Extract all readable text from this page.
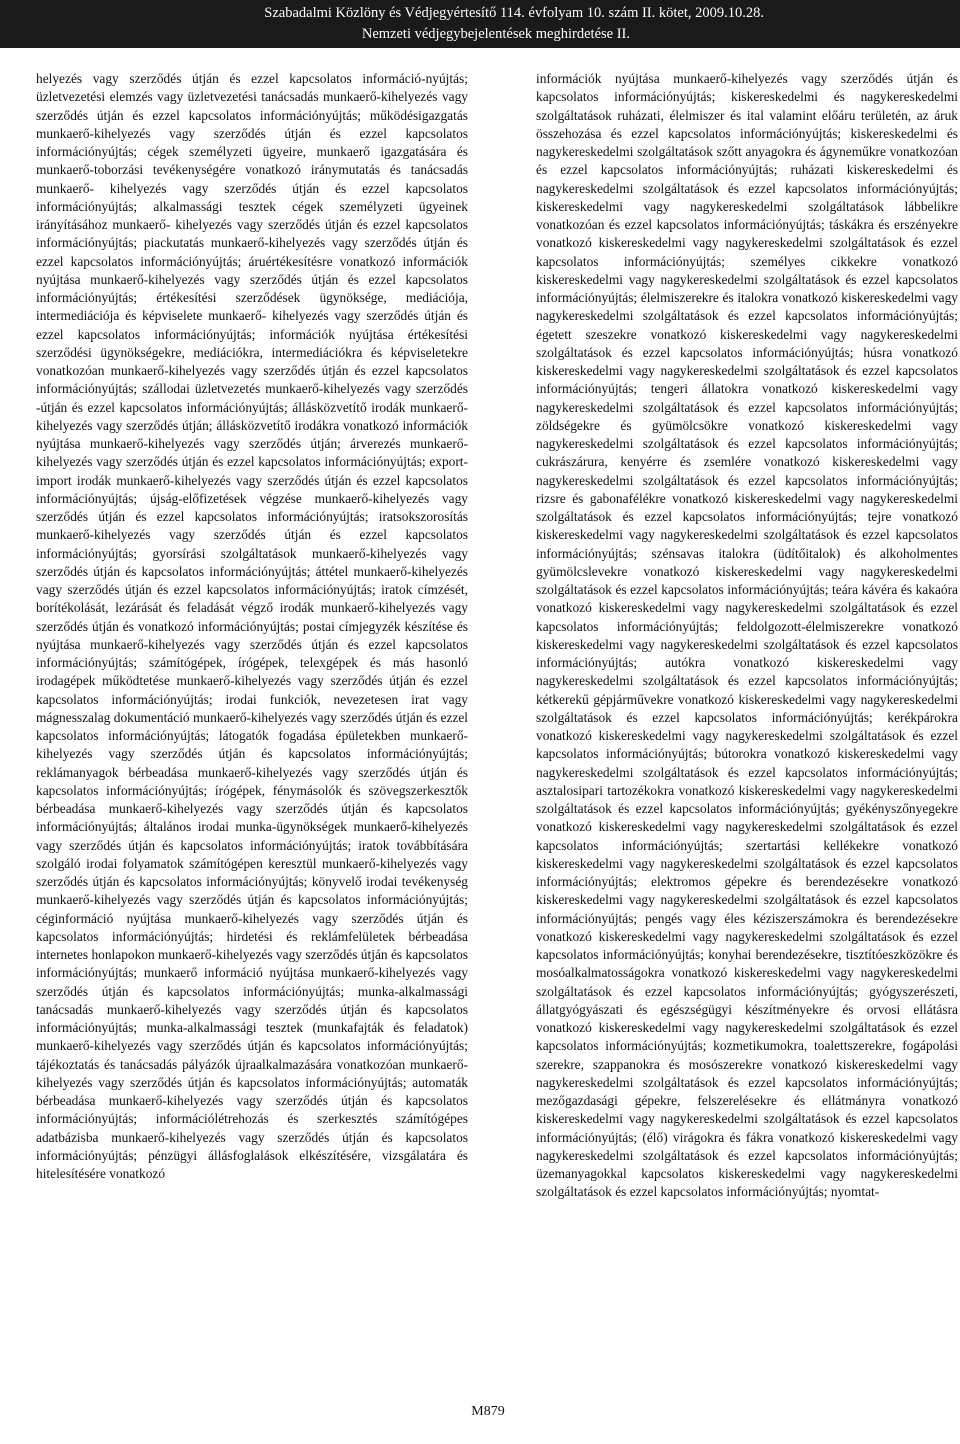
Szabadalmi Közlöny és Védjegyértesítő 114. évfolyam 10. szám II. kötet, 2009.10.28.
Nemzeti védjegybejelentések meghirdetése II.
helyezés vagy szerződés útján és ezzel kapcsolatos információ-nyújtás; üzletvezetési elemzés vagy üzletvezetési tanácsadás munkaerő-kihelyezés vagy szerződés útján és ezzel kapcsolatos információnyújtás; működésigazgatás munkaerő-kihelyezés vagy szerződés útján és ezzel kapcsolatos információnyújtás; cégek személyzeti ügyeire, munkaerő igazgatására és munkaerő-toborzási tevékenységére vonatkozó iránymutatás és tanácsadás munkaerő- kihelyezés vagy szerződés útján és ezzel kapcsolatos információnyújtás; alkalmassági tesztek cégek személyzeti ügyeinek irányításához munkaerő- kihelyezés vagy szerződés útján és ezzel kapcsolatos információnyújtás; piackutatás munkaerő-kihelyezés vagy szerződés útján és ezzel kapcsolatos információnyújtás; áruértékesítésre vonatkozó információk nyújtása munkaerő-kihelyezés vagy szerződés útján és ezzel kapcsolatos információnyújtás; értékesítési szerződések ügynöksége, mediációja, intermediációja és képviselete munkaerő- kihelyezés vagy szerződés útján és ezzel kapcsolatos információnyújtás; információk nyújtása értékesítési szerződési ügynökségekre, mediációkra, intermediációkra és képviseletekre vonatkozóan munkaerő-kihelyezés vagy szerződés útján és ezzel kapcsolatos információnyújtás; szállodai üzletvezetés munkaerő-kihelyezés vagy szerződés -útján és ezzel kapcsolatos információnyújtás; állásközvetítő irodák munkaerő-kihelyezés vagy szerződés útján; állásközvetítő irodákra vonatkozó információk nyújtása munkaerő-kihelyezés vagy szerződés útján; árverezés munkaerő-kihelyezés vagy szerződés útján és ezzel kapcsolatos információnyújtás; export-import irodák munkaerő-kihelyezés vagy szerződés útján és ezzel kapcsolatos információnyújtás; újság-előfizetések végzése munkaerő-kihelyezés vagy szerződés útján és ezzel kapcsolatos információnyújtás; iratsokszorosítás munkaerő-kihelyezés vagy szerződés útján és ezzel kapcsolatos információnyújtás; gyorsírási szolgáltatások munkaerő-kihelyezés vagy szerződés útján és kapcsolatos információnyújtás; áttétel munkaerő-kihelyezés vagy szerződés útján és ezzel kapcsolatos információnyújtás; iratok címzését, borítékolását, lezárását és feladását végző irodák munkaerő-kihelyezés vagy szerződés útján és vonatkozó információnyújtás; postai címjegyzék készítése és nyújtása munkaerő-kihelyezés vagy szerződés útján és ezzel kapcsolatos információnyújtás; számítógépek, írógépek, telexgépek és más hasonló irodagépek működtetése munkaerő-kihelyezés vagy szerződés útján és ezzel kapcsolatos információnyújtás; irodai funkciók, nevezetesen irat vagy mágnesszalag dokumentáció munkaerő-kihelyezés vagy szerződés útján és ezzel kapcsolatos információnyújtás; látogatók fogadása épületekben munkaerő-kihelyezés vagy szerződés útján és kapcsolatos információnyújtás; reklámanyagok bérbeadása munkaerő-kihelyezés vagy szerződés útján és kapcsolatos információnyújtás; írógépek, fénymásolók és szövegszerkesztők bérbeadása munkaerő-kihelyezés vagy szerződés útján és kapcsolatos információnyújtás; általános irodai munka-ügynökségek munkaerő-kihelyezés vagy szerződés útján és kapcsolatos információnyújtás; iratok továbbítására szolgáló irodai folyamatok számítógépen keresztül munkaerő-kihelyezés vagy szerződés útján és kapcsolatos információnyújtás; könyvelő irodai tevékenység munkaerő-kihelyezés vagy szerződés útján és kapcsolatos információnyújtás; céginformáció nyújtása munkaerő-kihelyezés vagy szerződés útján és kapcsolatos információnyújtás; hirdetési és reklámfelületek bérbeadása internetes honlapokon munkaerő-kihelyezés vagy szerződés útján és kapcsolatos információnyújtás; munkaerő információ nyújtása munkaerő-kihelyezés vagy szerződés útján és kapcsolatos információnyújtás; munka-alkalmassági tanácsadás munkaerő-kihelyezés vagy szerződés útján és kapcsolatos információnyújtás; munka-alkalmassági tesztek (munkafajták és feladatok) munkaerő-kihelyezés vagy szerződés útján és kapcsolatos információnyújtás; tájékoztatás és tanácsadás pályázók újraalkalmazására vonatkozóan munkaerő-kihelyezés vagy szerződés útján és kapcsolatos információnyújtás; automaták bérbeadása munkaerő-kihelyezés vagy szerződés útján és kapcsolatos információnyújtás; információlétrehozás és szerkesztés számítógépes adatbázisba munkaerő-kihelyezés vagy szerződés útján és kapcsolatos információnyújtás; pénzügyi állásfoglalások elkészítésére, vizsgálatára és hitelesítésére vonatkozó
információk nyújtása munkaerő-kihelyezés vagy szerződés útján és kapcsolatos információnyújtás; kiskereskedelmi és nagykereskedelmi szolgáltatások ruházati, élelmiszer és ital valamint előáru területén, az áruk összehozása és ezzel kapcsolatos információnyújtás; kiskereskedelmi és nagykereskedelmi szolgáltatások szőtt anyagokra és ágyneműkre vonatkozóan és ezzel kapcsolatos információnyújtás; ruházati kiskereskedelmi és nagykereskedelmi szolgáltatások és ezzel kapcsolatos információnyújtás; kiskereskedelmi vagy nagykereskedelmi szolgáltatások lábbelikre vonatkozóan és ezzel kapcsolatos információnyújtás; táskákra és erszényekre vonatkozó kiskereskedelmi vagy nagykereskedelmi szolgáltatások és ezzel kapcsolatos információnyújtás; személyes cikkekre vonatkozó kiskereskedelmi vagy nagykereskedelmi szolgáltatások és ezzel kapcsolatos információnyújtás; élelmiszerekre és italokra vonatkozó kiskereskedelmi vagy nagykereskedelmi szolgáltatások és ezzel kapcsolatos információnyújtás; égetett szeszekre vonatkozó kiskereskedelmi vagy nagykereskedelmi szolgáltatások és ezzel kapcsolatos információnyújtás; húsra vonatkozó kiskereskedelmi vagy nagykereskedelmi szolgáltatások és ezzel kapcsolatos információnyújtás; tengeri állatokra vonatkozó kiskereskedelmi vagy nagykereskedelmi szolgáltatások és ezzel kapcsolatos információnyújtás; zöldségekre és gyümölcsökre vonatkozó kiskereskedelmi vagy nagykereskedelmi szolgáltatások és ezzel kapcsolatos információnyújtás; cukrászárura, kenyérre és zsemlére vonatkozó kiskereskedelmi vagy nagykereskedelmi szolgáltatások és ezzel kapcsolatos információnyújtás; rizsre és gabonafélékre vonatkozó kiskereskedelmi vagy nagykereskedelmi szolgáltatások és ezzel kapcsolatos információnyújtás; tejre vonatkozó kiskereskedelmi vagy nagykereskedelmi szolgáltatások és ezzel kapcsolatos információnyújtás; szénsavas italokra (üdítőitalok) és alkoholmentes gyümölcslevekre vonatkozó kiskereskedelmi vagy nagykereskedelmi szolgáltatások és ezzel kapcsolatos információnyújtás; teára kávéra és kakaóra vonatkozó kiskereskedelmi vagy nagykereskedelmi szolgáltatások és ezzel kapcsolatos információnyújtás; feldolgozott-élelmiszerekre vonatkozó kiskereskedelmi vagy nagykereskedelmi szolgáltatások és ezzel kapcsolatos információnyújtás; autókra vonatkozó kiskereskedelmi vagy nagykereskedelmi szolgáltatások és ezzel kapcsolatos információnyújtás; kétkerekű gépjárművekre vonatkozó kiskereskedelmi vagy nagykereskedelmi szolgáltatások és ezzel kapcsolatos információnyújtás; kerékpárokra vonatkozó kiskereskedelmi vagy nagykereskedelmi szolgáltatások és ezzel kapcsolatos információnyújtás; bútorokra vonatkozó kiskereskedelmi vagy nagykereskedelmi szolgáltatások és ezzel kapcsolatos információnyújtás; asztalosipari tartozékokra vonatkozó kiskereskedelmi vagy nagykereskedelmi szolgáltatások és ezzel kapcsolatos információnyújtás; gyékényszőnyegekre vonatkozó kiskereskedelmi vagy nagykereskedelmi szolgáltatások és ezzel kapcsolatos információnyújtás; szertartási kellékekre vonatkozó kiskereskedelmi vagy nagykereskedelmi szolgáltatások és ezzel kapcsolatos információnyújtás; elektromos gépekre és berendezésekre vonatkozó kiskereskedelmi vagy nagykereskedelmi szolgáltatások és ezzel kapcsolatos információnyújtás; pengés vagy éles kéziszerszámokra és berendezésekre vonatkozó kiskereskedelmi vagy nagykereskedelmi szolgáltatások és ezzel kapcsolatos információnyújtás; konyhai berendezésekre, tisztítóeszközökre és mosóalkalmatosságokra vonatkozó kiskereskedelmi vagy nagykereskedelmi szolgáltatások és ezzel kapcsolatos információnyújtás; gyógyszerészeti, állatgyógyászati és egészségügyi készítményekre és orvosi ellátásra vonatkozó kiskereskedelmi vagy nagykereskedelmi szolgáltatások és ezzel kapcsolatos információnyújtás; kozmetikumokra, toalettszerekre, fogápolási szerekre, szappanokra és mosószerekre vonatkozó kiskereskedelmi vagy nagykereskedelmi szolgáltatások és ezzel kapcsolatos információnyújtás; mezőgazdasági gépekre, felszerelésekre és ellátmányra vonatkozó kiskereskedelmi vagy nagykereskedelmi szolgáltatások és ezzel kapcsolatos információnyújtás; (élő) virágokra és fákra vonatkozó kiskereskedelmi vagy nagykereskedelmi szolgáltatások és ezzel kapcsolatos információnyújtás; üzemanyagokkal kapcsolatos kiskereskedelmi vagy nagykereskedelmi szolgáltatások és ezzel kapcsolatos információnyújtás; nyomtat-
M879
